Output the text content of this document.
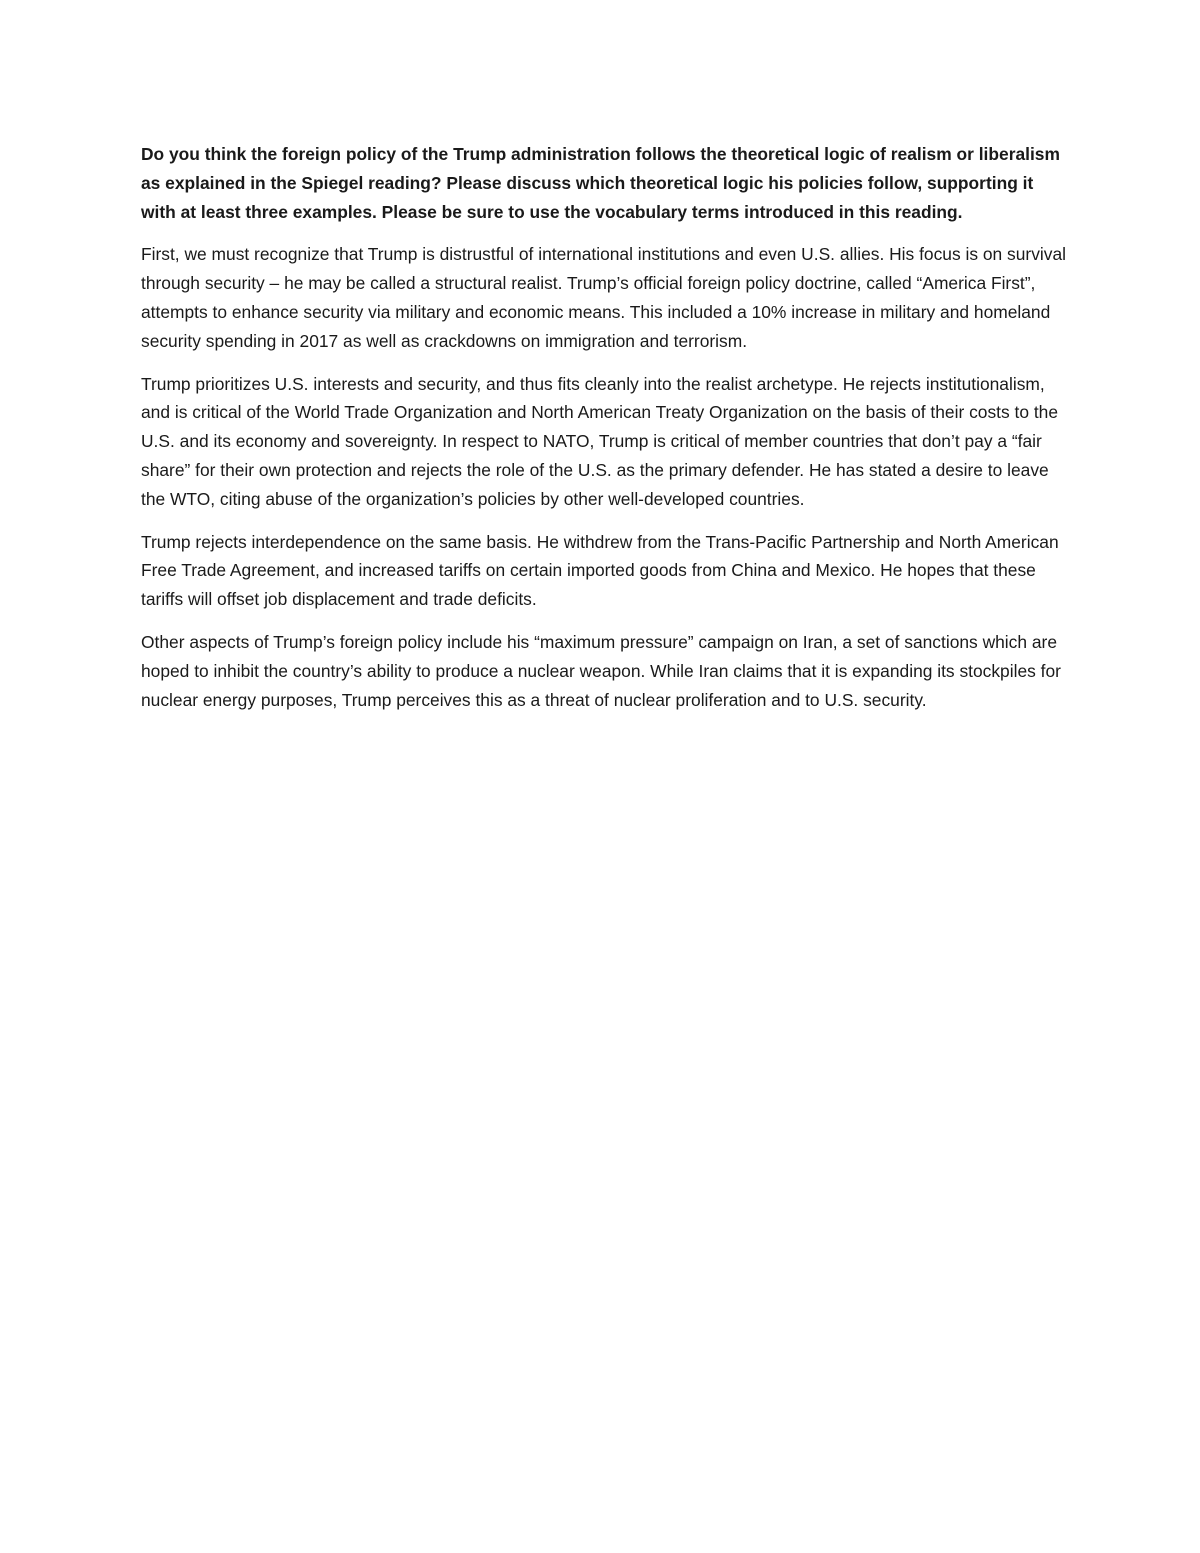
Do you think the foreign policy of the Trump administration follows the theoretical logic of realism or liberalism as explained in the Spiegel reading? Please discuss which theoretical logic his policies follow, supporting it with at least three examples. Please be sure to use the vocabulary terms introduced in this reading.

First, we must recognize that Trump is distrustful of international institutions and even U.S. allies. His focus is on survival through security – he may be called a structural realist. Trump’s official foreign policy doctrine, called “America First”, attempts to enhance security via military and economic means. This included a 10% increase in military and homeland security spending in 2017 as well as crackdowns on immigration and terrorism.

Trump prioritizes U.S. interests and security, and thus fits cleanly into the realist archetype. He rejects institutionalism, and is critical of the World Trade Organization and North American Treaty Organization on the basis of their costs to the U.S. and its economy and sovereignty. In respect to NATO, Trump is critical of member countries that don’t pay a “fair share” for their own protection and rejects the role of the U.S. as the primary defender. He has stated a desire to leave the WTO, citing abuse of the organization’s policies by other well-developed countries.

Trump rejects interdependence on the same basis. He withdrew from the Trans-Pacific Partnership and North American Free Trade Agreement, and increased tariffs on certain imported goods from China and Mexico. He hopes that these tariffs will offset job displacement and trade deficits.

Other aspects of Trump’s foreign policy include his “maximum pressure” campaign on Iran, a set of sanctions which are hoped to inhibit the country’s ability to produce a nuclear weapon. While Iran claims that it is expanding its stockpiles for nuclear energy purposes, Trump perceives this as a threat of nuclear proliferation and to U.S. security.
